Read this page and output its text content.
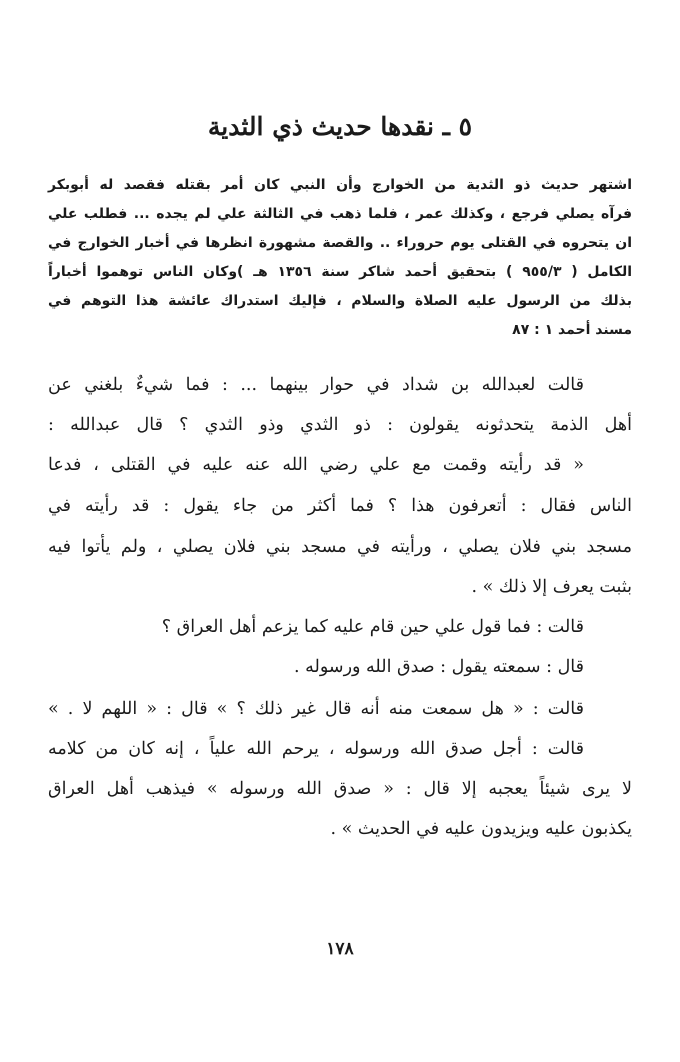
٥ ـ نقدها حديث ذي الثدية
اشتهر حديث ذو الثدية من الخوارج وأن النبي كان أمر بقتله فقصد له أبوبكر
فرآه يصلي فرجع ، وكذلك عمر ، فلما ذهب في الثالثة علي لم يجده ... فطلب علي
ان يتحروه في القتلى يوم حروراء .. والقصة مشهورة انظرها في أخبار الخوارج في
الكامل ( ٩٥٥/٣ ) بتحقيق أحمد شاكر سنة ١٣٥٦ هـ )وكان الناس توهموا أخباراً
بذلك من الرسول عليه الصلاة والسلام ، فإليك استدراك عائشة هذا التوهم في
مسند أحمد ١ : ٨٧
قالت لعبدالله بن شداد في حوار بينهما ... : فما شيءٌ بلغني عن
أهل الذمة يتحدثونه يقولون : ذو الثدي وذو الثدي ؟ قال عبدالله :
« قد رأيته وقمت مع علي رضي الله عنه عليه في القتلى ، فدعا
الناس فقال : أتعرفون هذا ؟ فما أكثر من جاء يقول : قد رأيته في
مسجد بني فلان يصلي ، ورأيته في مسجد بني فلان يصلي ، ولم يأتوا فيه
بثبت يعرف إلا ذلك » .
قالت : فما قول علي حين قام عليه كما يزعم أهل العراق ؟
قال : سمعته يقول : صدق الله ورسوله .
قالت : « هل سمعت منه أنه قال غير ذلك ؟ » قال : « اللهم لا . »
قالت : أجل صدق الله ورسوله ، يرحم الله علياً ، إنه كان من كلامه
لا يرى شيئاً يعجبه إلا قال : « صدق الله ورسوله » فيذهب أهل العراق
يكذبون عليه ويزيدون عليه في الحديث » .
١٧٨
